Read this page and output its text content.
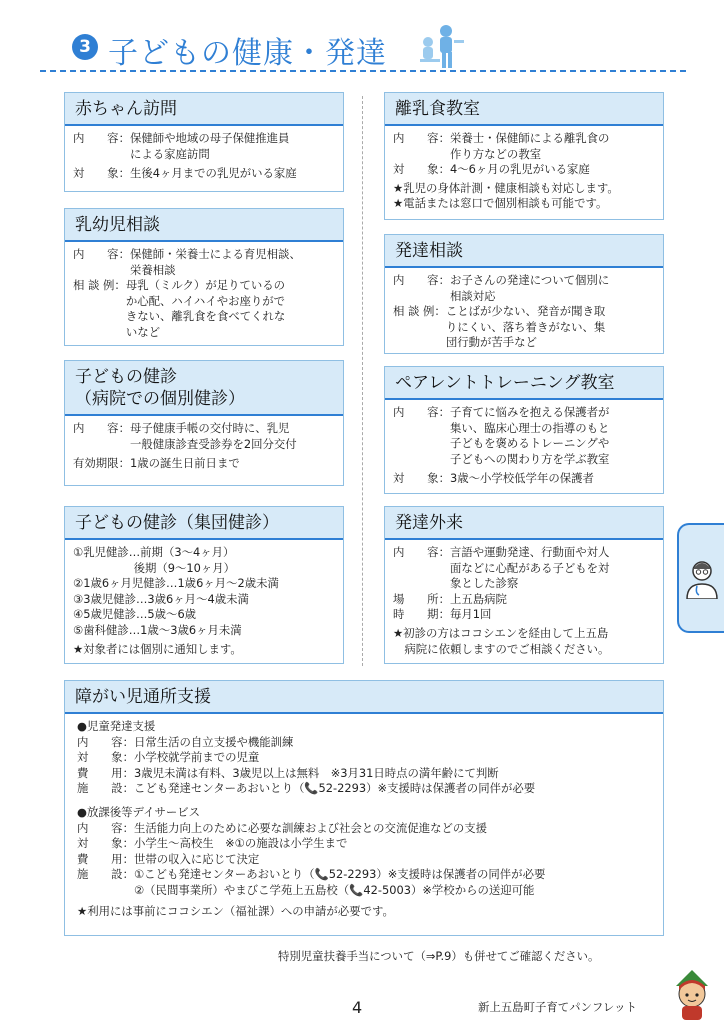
3 子どもの健康・発達
赤ちゃん訪問
内　　容： 保健師や地域の母子保健推進員
による家庭訪問
対　　象： 生後4ヶ月までの乳児がいる家庭
乳幼児相談
内　　容： 保健師・栄養士による育児相談、
栄養相談
相 談 例： 母乳（ミルク）が足りているの
か心配、ハイハイやお座りがで
きない、離乳食を食べてくれな
いなど
子どもの健診
（病院での個別健診）
内　　容： 母子健康手帳の交付時に、乳児
一般健康診査受診券を2回分交付
有効期限： 1歳の誕生日前日まで
子どもの健診（集団健診）
①乳児健診…前期（3～4ヶ月）
　　　　　 後期（9～10ヶ月）
②1歳6ヶ月児健診…1歳6ヶ月～2歳未満
③3歳児健診…3歳6ヶ月～4歳未満
④5歳児健診…5歳～6歳
⑤歯科健診…1歳～3歳6ヶ月未満
★対象者には個別に通知します。
離乳食教室
内　　容： 栄養士・保健師による離乳食の
作り方などの教室
対　　象： 4～6ヶ月の乳児がいる家庭
★乳児の身体計測・健康相談も対応します。
★電話または窓口で個別相談も可能です。
発達相談
内　　容： お子さんの発達について個別に
相談対応
相 談 例： ことばが少ない、発音が聞き取
りにくい、落ち着きがない、集
団行動が苦手など
ペアレントトレーニング教室
内　　容： 子育てに悩みを抱える保護者が
集い、臨床心理士の指導のもと
子どもを褒めるトレーニングや
子どもへの関わり方を学ぶ教室
対　　象： 3歳～小学校低学年の保護者
発達外来
内　　容： 言語や運動発達、行動面や対人
面などに心配がある子どもを対
象とした診察
場　　所： 上五島病院
時　　期： 毎月1回
★初診の方はココシエンを経由して上五島
　病院に依頼しますのでご相談ください。
障がい児通所支援
●児童発達支援
内　　容：日常生活の自立支援や機能訓練
対　　象：小学校就学前までの児童
費　　用：3歳児未満は有料、3歳児以上は無料　※3月31日時点の満年齢にて判断
施　　設：こども発達センターあおいとり（📞52-2293）※支援時は保護者の同伴が必要
●放課後等デイサービス
内　　容：生活能力向上のために必要な訓練および社会との交流促進などの支援
対　　象：小学生～高校生　※①の施設は小学生まで
費　　用：世帯の収入に応じて決定
施　　設：①こども発達センターあおいとり（📞52-2293）※支援時は保護者の同伴が必要
　　　　　②（民間事業所）やまびこ学苑上五島校（📞42-5003）※学校からの送迎可能
★利用には事前にココシエン（福祉課）への申請が必要です。
特別児童扶養手当について（⇒P.9）も併せてご確認ください。
4	新上五島町子育てパンフレット
